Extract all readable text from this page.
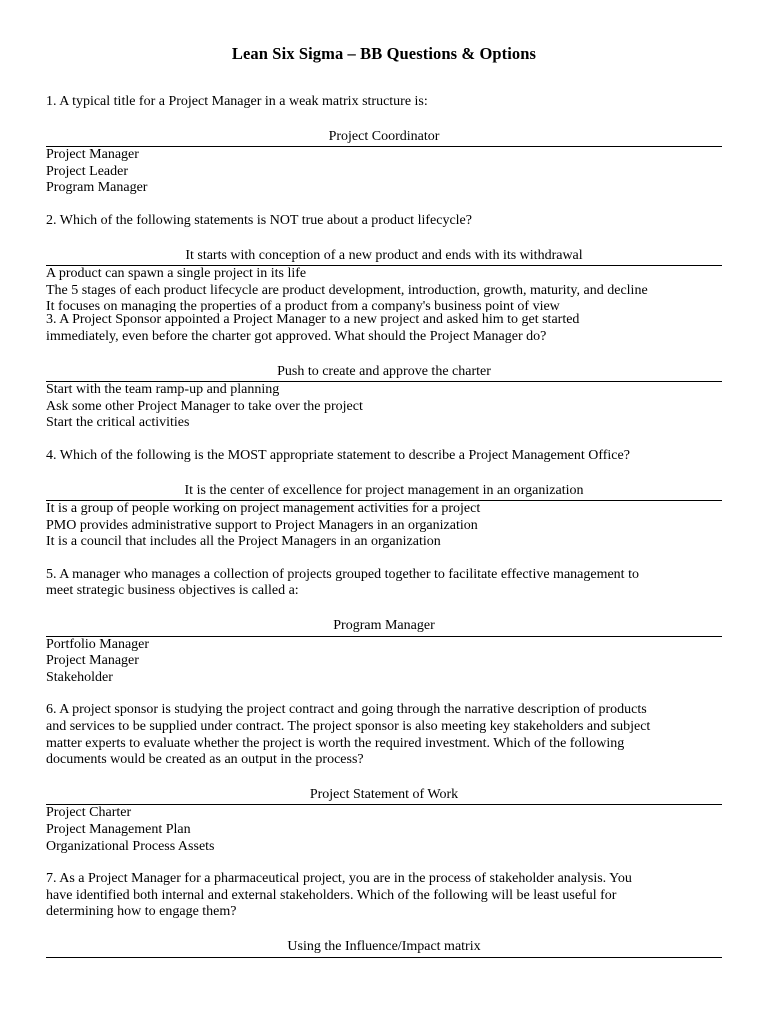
Lean Six Sigma – BB Questions & Options

1. A typical title for a Project Manager in a weak matrix structure is:

Project Coordinator
Project Manager
Project Leader
Program Manager

2. Which of the following statements is NOT true about a product lifecycle?

It starts with conception of a new product and ends with its withdrawal
A product can spawn a single project in its life
The 5 stages of each product lifecycle are product development, introduction, growth, maturity, and decline
It focuses on managing the properties of a product from a company's business point of view

3. A Project Sponsor appointed a Project Manager to a new project and asked him to get started
immediately, even before the charter got approved. What should the Project Manager do?

Push to create and approve the charter
Start with the team ramp-up and planning
Ask some other Project Manager to take over the project
Start the critical activities

4. Which of the following is the MOST appropriate statement to describe a Project Management Office?

It is the center of excellence for project management in an organization
It is a group of people working on project management activities for a project
PMO provides administrative support to Project Managers in an organization
It is a council that includes all the Project Managers in an organization

5. A manager who manages a collection of projects grouped together to facilitate effective management to
meet strategic business objectives is called a:

Program Manager
Portfolio Manager
Project Manager
Stakeholder

6. A project sponsor is studying the project contract and going through the narrative description of products
and services to be supplied under contract. The project sponsor is also meeting key stakeholders and subject
matter experts to evaluate whether the project is worth the required investment. Which of the following
documents would be created as an output in the process?

Project Statement of Work
Project Charter
Project Management Plan
Organizational Process Assets

7. As a Project Manager for a pharmaceutical project, you are in the process of stakeholder analysis. You
have identified both internal and external stakeholders. Which of the following will be least useful for
determining how to engage them?

Using the Influence/Impact matrix
